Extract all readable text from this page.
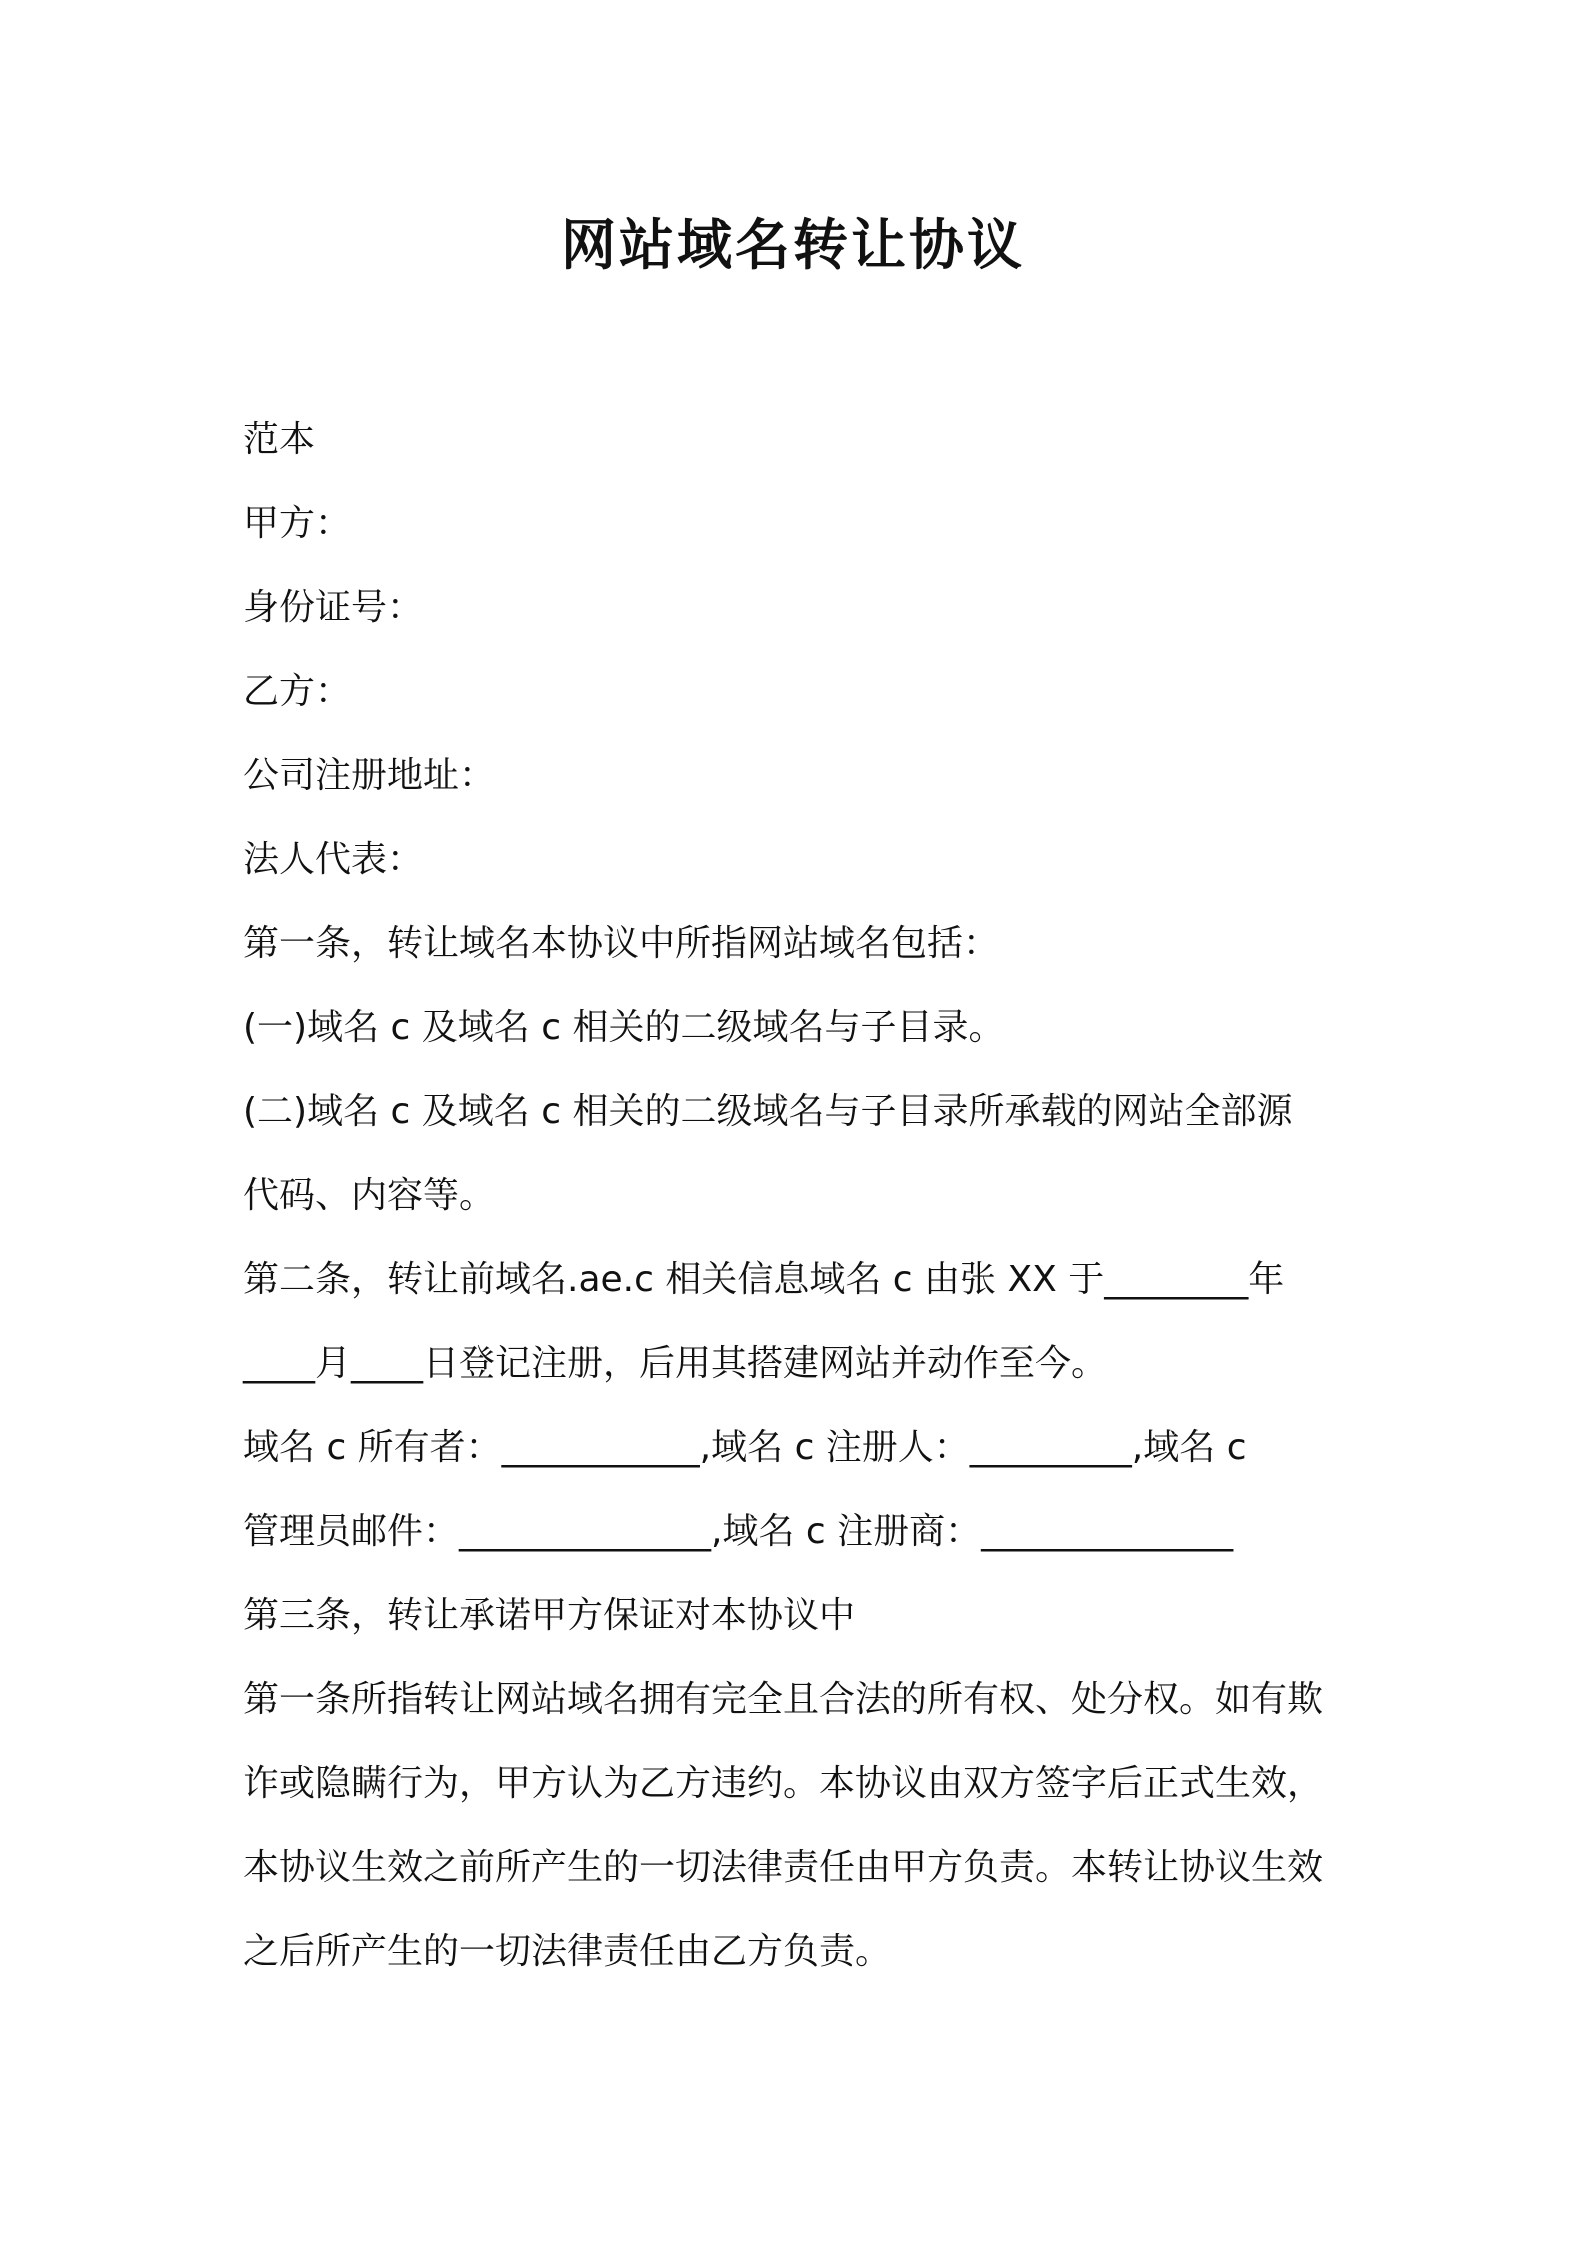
网站域名转让协议
范本
甲方：
身份证号：
乙方：
公司注册地址：
法人代表：
第一条，转让域名本协议中所指网站域名包括：
(一)域名 c 及域名 c 相关的二级域名与子目录。
(二)域名 c 及域名 c 相关的二级域名与子目录所承载的网站全部源
代码、内容等。
第二条，转让前域名.ae.c 相关信息域名 c 由张 XX 于________年
____月____日登记注册，后用其搭建网站并动作至今。
域名 c 所有者：___________,域名 c 注册人：_________,域名 c
管理员邮件：______________,域名 c 注册商：______________
第三条，转让承诺甲方保证对本协议中
第一条所指转让网站域名拥有完全且合法的所有权、处分权。如有欺
诈或隐瞒行为，甲方认为乙方违约。本协议由双方签字后正式生效，
本协议生效之前所产生的一切法律责任由甲方负责。本转让协议生效
之后所产生的一切法律责任由乙方负责。
